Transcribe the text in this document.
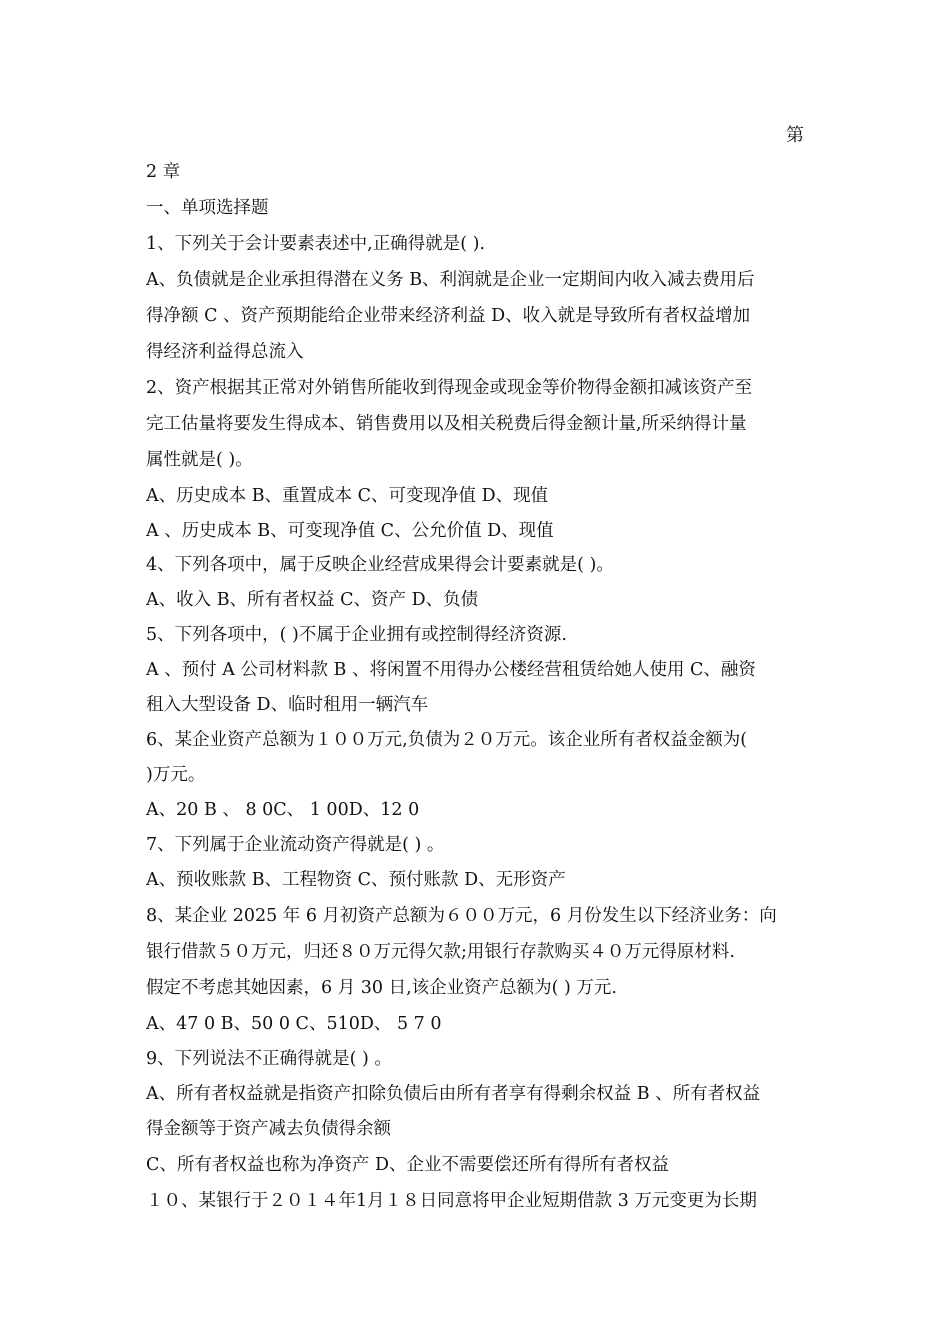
第
2 章
一、单项选择题
1、下列关于会计要素表述中,正确得就是( ).
A、负债就是企业承担得潜在义务 B、利润就是企业一定期间内收入减去费用后
得净额 C 、资产预期能给企业带来经济利益 D、收入就是导致所有者权益增加
得经济利益得总流入
2、资产根据其正常对外销售所能收到得现金或现金等价物得金额扣减该资产至
完工估量将要发生得成本、销售费用以及相关税费后得金额计量,所采纳得计量
属性就是( )。
A、历史成本 B、重置成本 C、可变现净值 D、现值
A 、历史成本 B、可变现净值 C、公允价值 D、现值
4、下列各项中，属于反映企业经营成果得会计要素就是( )。
A、收入 B、所有者权益 C、资产 D、负债
5、下列各项中，( )不属于企业拥有或控制得经济资源.
A 、预付 A 公司材料款 B 、将闲置不用得办公楼经营租赁给她人使用 C、融资
租入大型设备 D、临时租用一辆汽车
6、某企业资产总额为１００万元,负债为２０万元。该企业所有者权益金额为(
)万元。
A、20 B 、 8 0C、 1 00D、12 0
7、下列属于企业流动资产得就是( ) 。
A、预收账款 B、工程物资 C、预付账款 D、无形资产
8、某企业 2025 年 6 月初资产总额为６００万元，6 月份发生以下经济业务：向
银行借款５０万元，归还８０万元得欠款;用银行存款购买４０万元得原材料.
假定不考虑其她因素，6 月 30 日,该企业资产总额为( ) 万元.
A、47 0 B、50 0 C、510D、 5 7 0
9、下列说法不正确得就是( ) 。
A、所有者权益就是指资产扣除负债后由所有者享有得剩余权益 B 、所有者权益
得金额等于资产减去负债得余额
C、所有者权益也称为净资产 D、企业不需要偿还所有得所有者权益
１０、某银行于２０１４年1月１８日同意将甲企业短期借款 3 万元变更为长期
